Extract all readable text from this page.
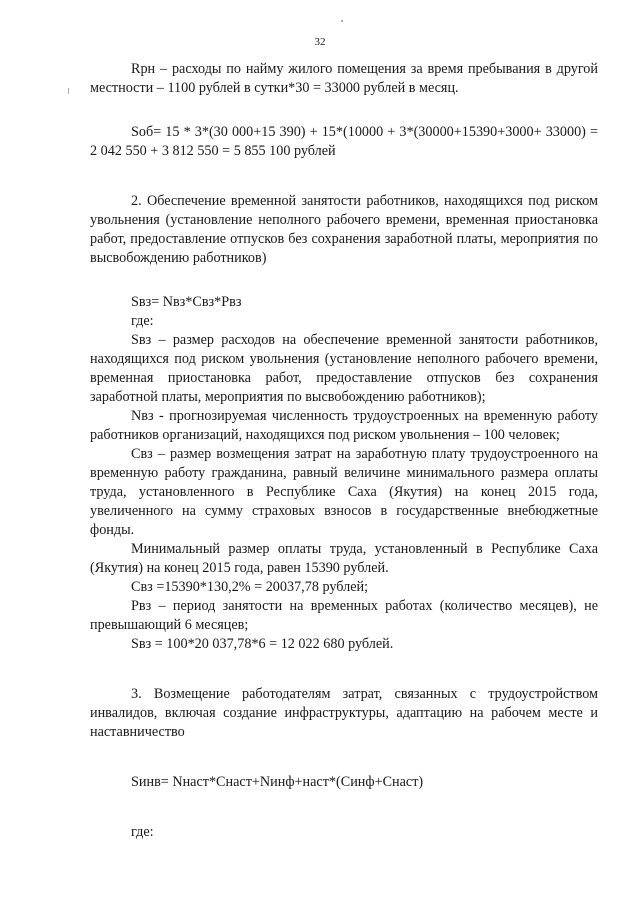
32

Rрн – расходы по найму жилого помещения за время пребывания в другой местности – 1100 рублей в сутки*30 = 33000 рублей в месяц.

Sоб= 15 * 3*(30 000+15 390) + 15*(10000 + 3*(30000+15390+3000+ 33000) = 2 042 550 + 3 812 550 = 5 855 100 рублей

2. Обеспечение временной занятости работников, находящихся под риском увольнения (установление неполного рабочего времени, временная приостановка работ, предоставление отпусков без сохранения заработной платы, мероприятия по высвобождению работников)

Sвз= Nвз*Свз*Рвз

где:

Sвз – размер расходов на обеспечение временной занятости работников, находящихся под риском увольнения (установление неполного рабочего времени, временная приостановка работ, предоставление отпусков без сохранения заработной платы, мероприятия по высвобождению работников);

Nвз - прогнозируемая численность трудоустроенных на временную работу работников организаций, находящихся под риском увольнения – 100 человек;

Свз – размер возмещения затрат на заработную плату трудоустроенного на временную работу гражданина, равный величине минимального размера оплаты труда, установленного в Республике Саха (Якутия) на конец 2015 года, увеличенного на сумму страховых взносов в государственные внебюджетные фонды.

Минимальный размер оплаты труда, установленный в Республике Саха (Якутия) на конец 2015 года, равен 15390 рублей.

Свз =15390*130,2% = 20037,78 рублей;

Рвз – период занятости на временных работах (количество месяцев), не превышающий 6 месяцев;

Sвз = 100*20 037,78*6 = 12 022 680 рублей.

3. Возмещение работодателям затрат, связанных с трудоустройством инвалидов, включая создание инфраструктуры, адаптацию на рабочем месте и наставничество

Sинв= Nнаст*Снаст+Nинф+наст*(Синф+Снаст)

где:
